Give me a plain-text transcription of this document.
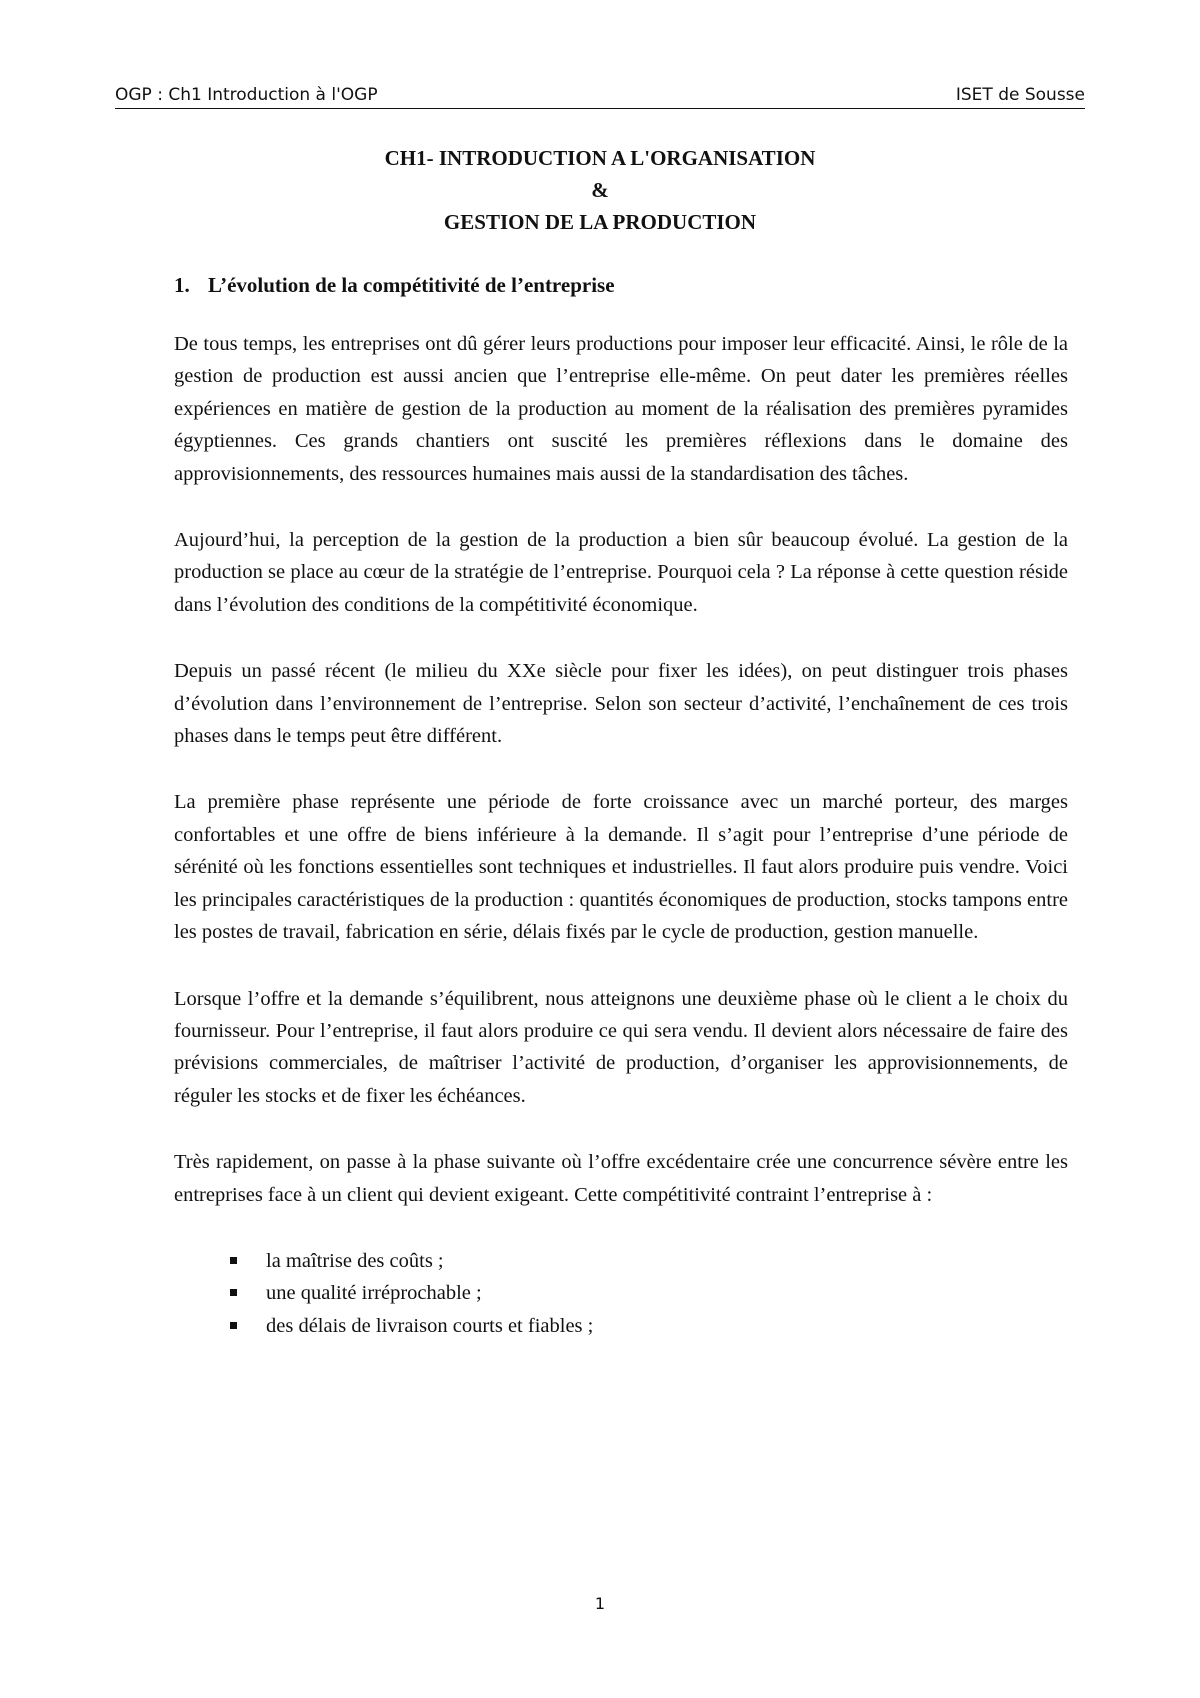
OGP : Ch1 Introduction à l'OGP	ISET de Sousse
CH1- INTRODUCTION A L'ORGANISATION
&
GESTION DE LA PRODUCTION
1. L’évolution de la compétitivité de l’entreprise

De tous temps, les entreprises ont dû gérer leurs productions pour imposer leur efficacité. Ainsi, le rôle de la gestion de production est aussi ancien que l’entreprise elle-même. On peut dater les premières réelles expériences en matière de gestion de la production au moment de la réalisation des premières pyramides égyptiennes. Ces grands chantiers ont suscité les premières réflexions dans le domaine des approvisionnements, des ressources humaines mais aussi de la standardisation des tâches.

Aujourd’hui, la perception de la gestion de la production a bien sûr beaucoup évolué. La gestion de la production se place au cœur de la stratégie de l’entreprise. Pourquoi cela ? La réponse à cette question réside dans l’évolution des conditions de la compétitivité économique.

Depuis un passé récent (le milieu du XXe siècle pour fixer les idées), on peut distinguer trois phases d’évolution dans l’environnement de l’entreprise. Selon son secteur d’activité, l’enchaînement de ces trois phases dans le temps peut être différent.

La première phase représente une période de forte croissance avec un marché porteur, des marges confortables et une offre de biens inférieure à la demande. Il s’agit pour l’entreprise d’une période de sérénité où les fonctions essentielles sont techniques et industrielles. Il faut alors produire puis vendre. Voici les principales caractéristiques de la production : quantités économiques de production, stocks tampons entre les postes de travail, fabrication en série, délais fixés par le cycle de production, gestion manuelle.

Lorsque l’offre et la demande s’équilibrent, nous atteignons une deuxième phase où le client a le choix du fournisseur. Pour l’entreprise, il faut alors produire ce qui sera vendu. Il devient alors nécessaire de faire des prévisions commerciales, de maîtriser l’activité de production, d’organiser les approvisionnements, de réguler les stocks et de fixer les échéances.

Très rapidement, on passe à la phase suivante où l’offre excédentaire crée une concurrence sévère entre les entreprises face à un client qui devient exigeant. Cette compétitivité contraint l’entreprise à :

la maîtrise des coûts ;
une qualité irréprochable ;
des délais de livraison courts et fiables ;
1
